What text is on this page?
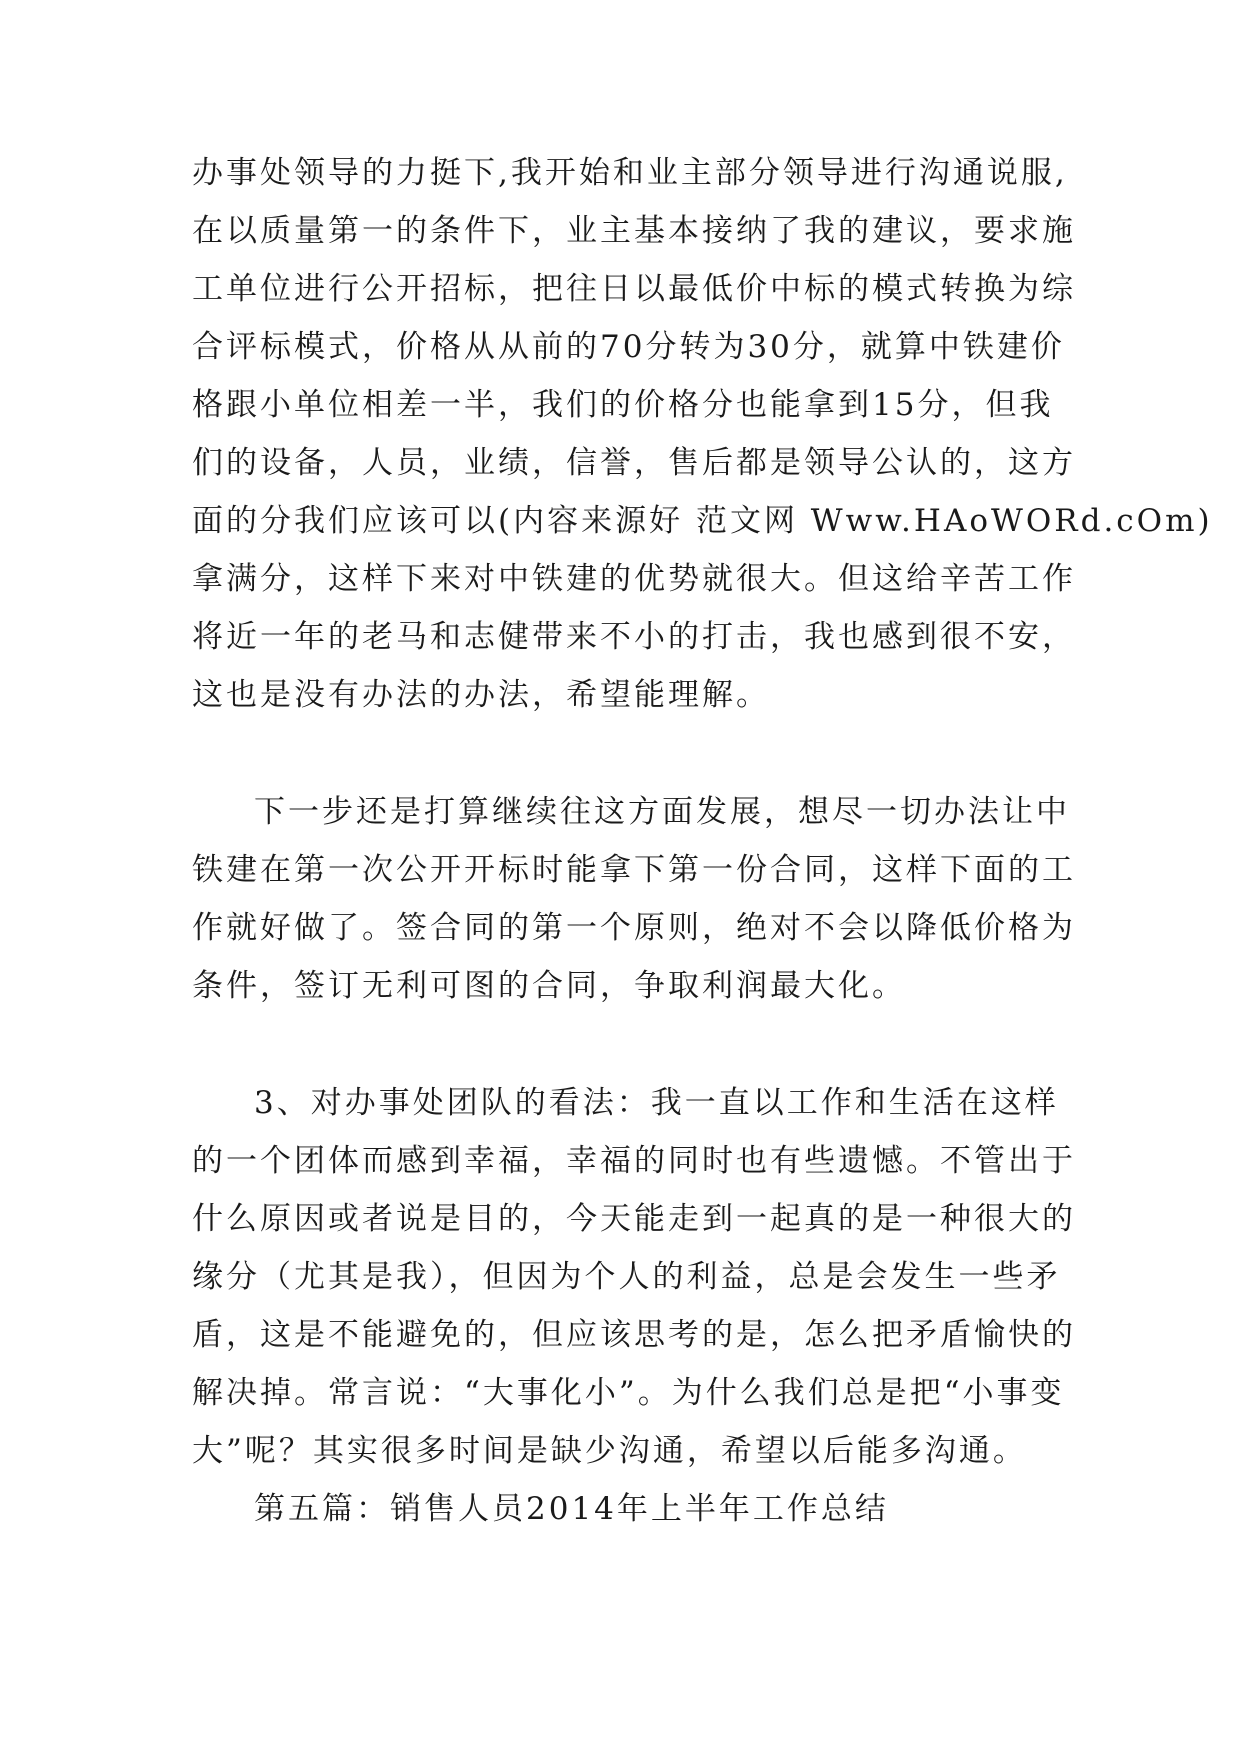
办事处领导的力挺下,我开始和业主部分领导进行沟通说服,

在以质量第一的条件下，业主基本接纳了我的建议，要求施

工单位进行公开招标，把往日以最低价中标的模式转换为综

合评标模式，价格从从前的70分转为30分，就算中铁建价

格跟小单位相差一半，我们的价格分也能拿到15分，但我

们的设备，人员，业绩，信誉，售后都是领导公认的，这方

面的分我们应该可以(内容来源好 范文网 Www.HAoWORd.cOm)

拿满分，这样下来对中铁建的优势就很大。但这给辛苦工作

将近一年的老马和志健带来不小的打击，我也感到很不安，

这也是没有办法的办法，希望能理解。

下一步还是打算继续往这方面发展，想尽一切办法让中

铁建在第一次公开开标时能拿下第一份合同，这样下面的工

作就好做了。签合同的第一个原则，绝对不会以降低价格为

条件，签订无利可图的合同，争取利润最大化。

3、对办事处团队的看法：我一直以工作和生活在这样

的一个团体而感到幸福，幸福的同时也有些遗憾。不管出于

什么原因或者说是目的，今天能走到一起真的是一种很大的

缘分（尤其是我），但因为个人的利益，总是会发生一些矛

盾，这是不能避免的，但应该思考的是，怎么把矛盾愉快的

解决掉。常言说：“大事化小”。为什么我们总是把“小事变

大”呢？其实很多时间是缺少沟通，希望以后能多沟通。

第五篇：销售人员2014年上半年工作总结
